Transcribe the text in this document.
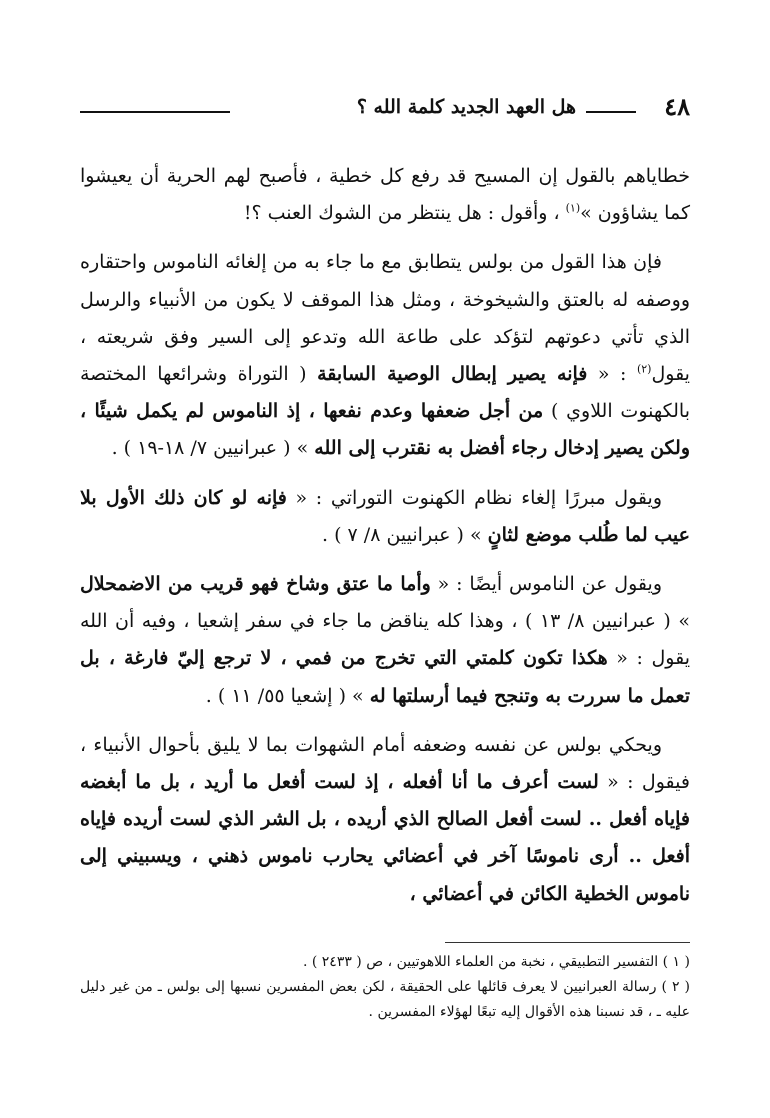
٤٨
هل العهد الجديد كلمة الله ؟

خطاياهم بالقول إن المسيح قد رفع كل خطية ، فأصبح لهم الحرية أن يعيشوا كما يشاؤون »$^{(١)}$ ، وأقول : هل ينتظر من الشوك العنب ؟!

فإن هذا القول من بولس يتطابق مع ما جاء به من إلغائه الناموس واحتقاره ووصفه له بالعتق والشيخوخة ، ومثل هذا الموقف لا يكون من الأنبياء والرسل الذي تأتي دعوتهم لتؤكد على طاعة الله وتدعو إلى السير وفق شريعته ، يقول$^{(٢)}$ : « فإنه يصير إبطال الوصية السابقة ( التوراة وشرائعها المختصة بالكهنوت اللاوي ) من أجل ضعفها وعدم نفعها ، إذ الناموس لم يكمل شيئًا ، ولكن يصير إدخال رجاء أفضل به نقترب إلى الله » ( عبرانيين ٧/ ١٨-١٩ ) .

ويقول مبررًا إلغاء نظام الكهنوت التوراتي : « فإنه لو كان ذلك الأول بلا عيب لما طُلب موضع لثانٍ » ( عبرانيين ٨/ ٧ ) .

ويقول عن الناموس أيضًا : « وأما ما عتق وشاخ فهو قريب من الاضمحلال » ( عبرانيين ٨/ ١٣ ) ، وهذا كله يناقض ما جاء في سفر إشعيا ، وفيه أن الله يقول : « هكذا تكون كلمتي التي تخرج من فمي ، لا ترجع إليّ فارغة ، بل تعمل ما سررت به وتنجح فيما أرسلتها له » ( إشعيا ٥٥/ ١١ ) .

ويحكي بولس عن نفسه وضعفه أمام الشهوات بما لا يليق بأحوال الأنبياء ، فيقول : « لست أعرف ما أنا أفعله ، إذ لست أفعل ما أريد ، بل ما أبغضه فإياه أفعل .. لست أفعل الصالح الذي أريده ، بل الشر الذي لست أريده فإياه أفعل .. أرى ناموسًا آخر في أعضائي يحارب ناموس ذهني ، ويسبيني إلى ناموس الخطية الكائن في أعضائي ،

( ١ ) التفسير التطبيقي ، نخبة من العلماء اللاهوتيين ، ص ( ٢٤٣٣ ) .

( ٢ ) رسالة العبرانيين لا يعرف قائلها على الحقيقة ، لكن بعض المفسرين نسبها إلى بولس ـ من غير دليل عليه ـ ، قد نسبنا هذه الأقوال إليه تبعًا لهؤلاء المفسرين .
